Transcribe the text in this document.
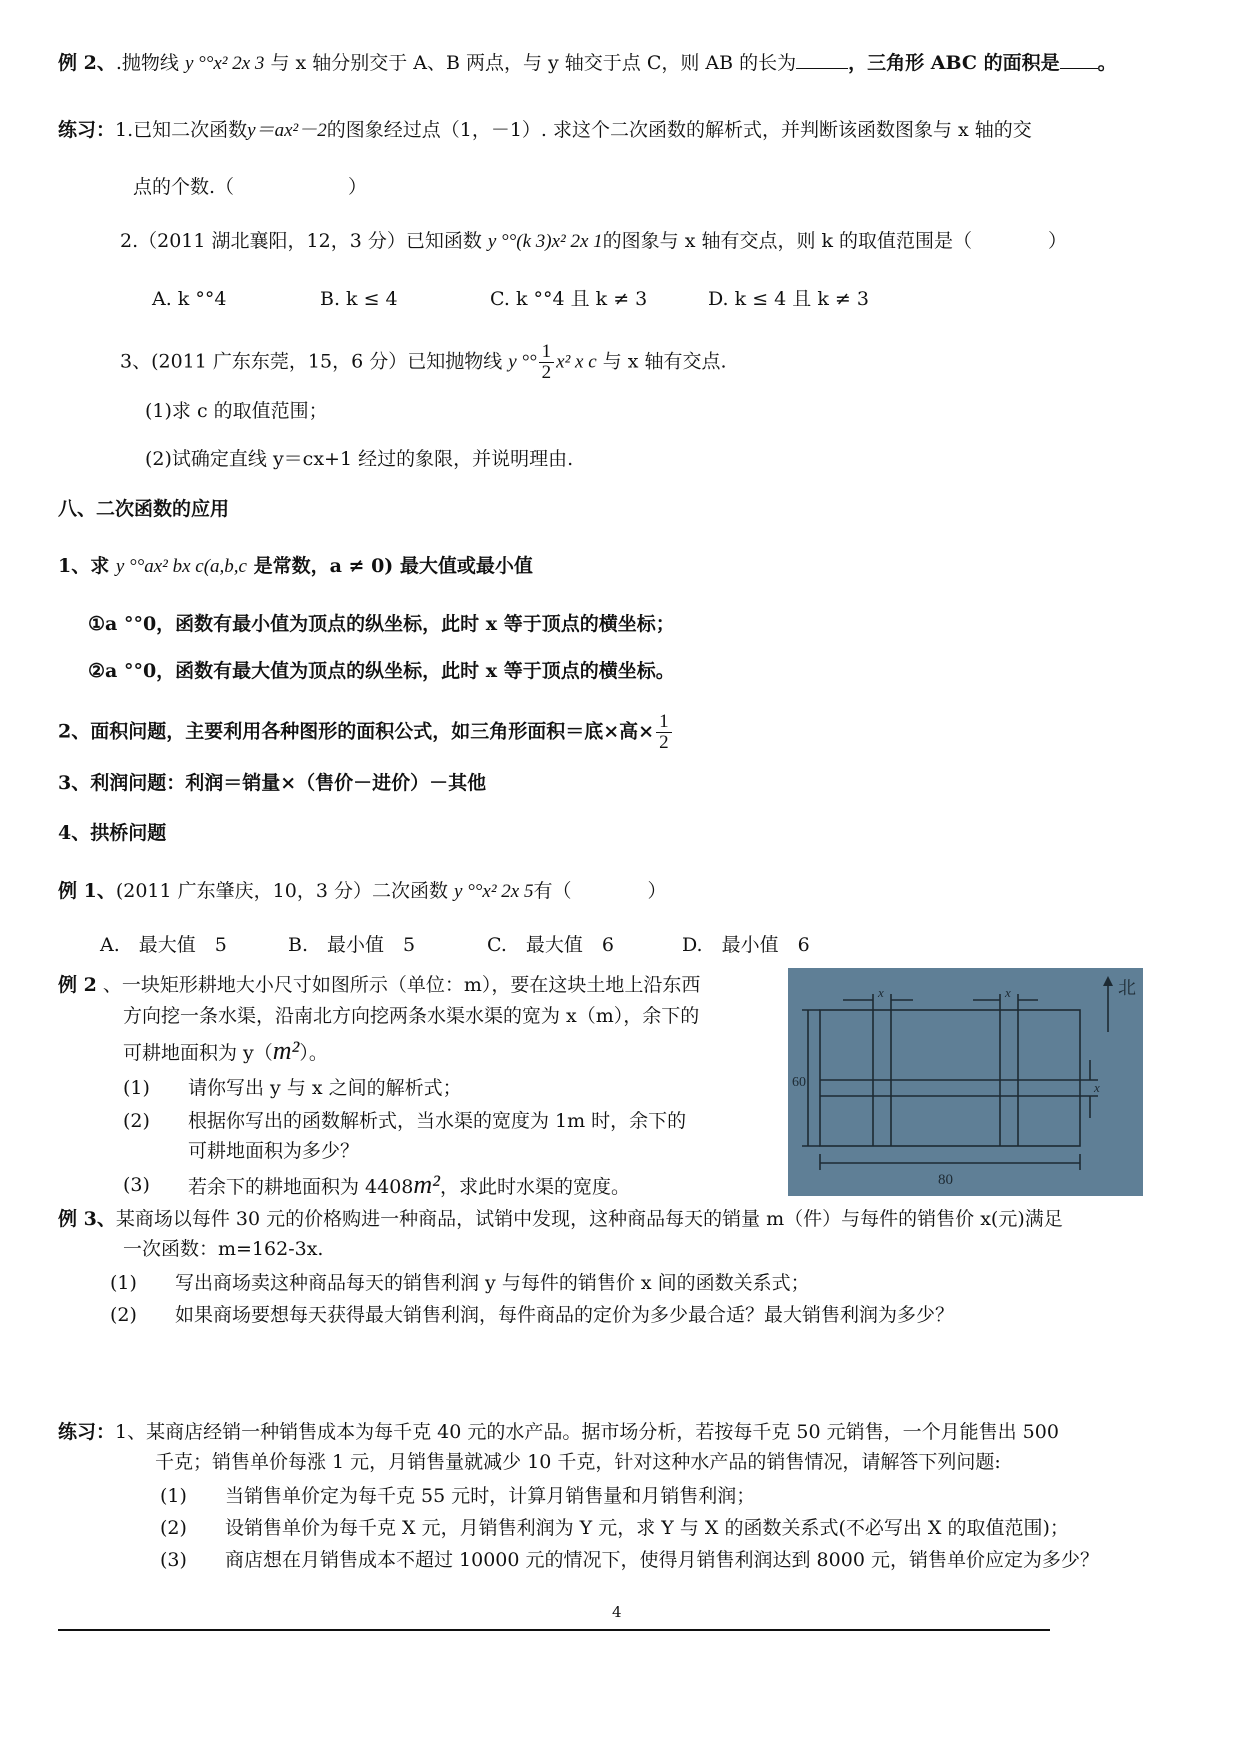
例 2、.抛物线 y °°x² 2x 3 与 x 轴分别交于 A、B 两点，与 y 轴交于点 C，则 AB 的长为	，三角形 ABC 的面积是 。
练习：1.已知二次函数y＝ax²－2的图象经过点（1，－1）. 求这个二次函数的解析式，并判断该函数图象与 x 轴的交
点的个数.（　　　　　　）
2.（2011 湖北襄阳，12，3 分）已知函数 y °°(k 3)x² 2x 1的图象与 x 轴有交点，则 k 的取值范围是（　　　　）
A. k °°4	B. k ≤ 4	C. k °°4 且 k ≠ 3	D. k ≤ 4 且 k ≠ 3
3、(2011 广东东莞，15，6 分）已知抛物线 y °° $\frac{1}{2} x^2$ x c 与 x 轴有交点.
(1)求 c 的取值范围；
(2)试确定直线 y＝cx+1 经过的象限，并说明理由.
八、二次函数的应用
1、求 y °°ax² bx c(a,b,c 是常数，a ≠ 0) 最大值或最小值
①a °°0，函数有最小值为顶点的纵坐标，此时 x 等于顶点的横坐标；
②a °°0，函数有最大值为顶点的纵坐标，此时 x 等于顶点的横坐标。
2、面积问题，主要利用各种图形的面积公式，如三角形面积＝底×高× $\frac{1}{2}$
3、利润问题：利润＝销量×（售价－进价）－其他
4、拱桥问题
例 1、(2011 广东肇庆，10，3 分）二次函数 y °°x² 2x 5有（　　　　）
A.　最大值　5	B.　最小值　5	C.　最大值　6	D.　最小值　6
例 2 、一块矩形耕地大小尺寸如图所示（单位：m），要在这块土地上沿东西
方向挖一条水渠，沿南北方向挖两条水渠水渠的宽为 x（m），余下的
可耕地面积为 y（m²）。
(1) 请你写出 y 与 x 之间的解析式；
(2) 根据你写出的函数解析式，当水渠的宽度为 1m 时，余下的
可耕地面积为多少？
(3) 若余下的耕地面积为 4408m²，求此时水渠的宽度。
北
60
80
x	x
x
例 3、某商场以每件 30 元的价格购进一种商品，试销中发现，这种商品每天的销量 m（件）与每件的销售价 x(元)满足
一次函数：m=162-3x.
(1) 写出商场卖这种商品每天的销售利润 y 与每件的销售价 x 间的函数关系式；
(2) 如果商场要想每天获得最大销售利润，每件商品的定价为多少最合适？最大销售利润为多少？
练习：1、某商店经销一种销售成本为每千克 40 元的水产品。据市场分析，若按每千克 50 元销售，一个月能售出 500
千克；销售单价每涨 1 元，月销售量就减少 10 千克，针对这种水产品的销售情况，请解答下列问题:
(1) 当销售单价定为每千克 55 元时，计算月销售量和月销售利润；
(2) 设销售单价为每千克 X 元，月销售利润为 Y 元，求 Y 与 X 的函数关系式(不必写出 X 的取值范围)；
(3) 商店想在月销售成本不超过 10000 元的情况下，使得月销售利润达到 8000 元，销售单价应定为多少？
4
